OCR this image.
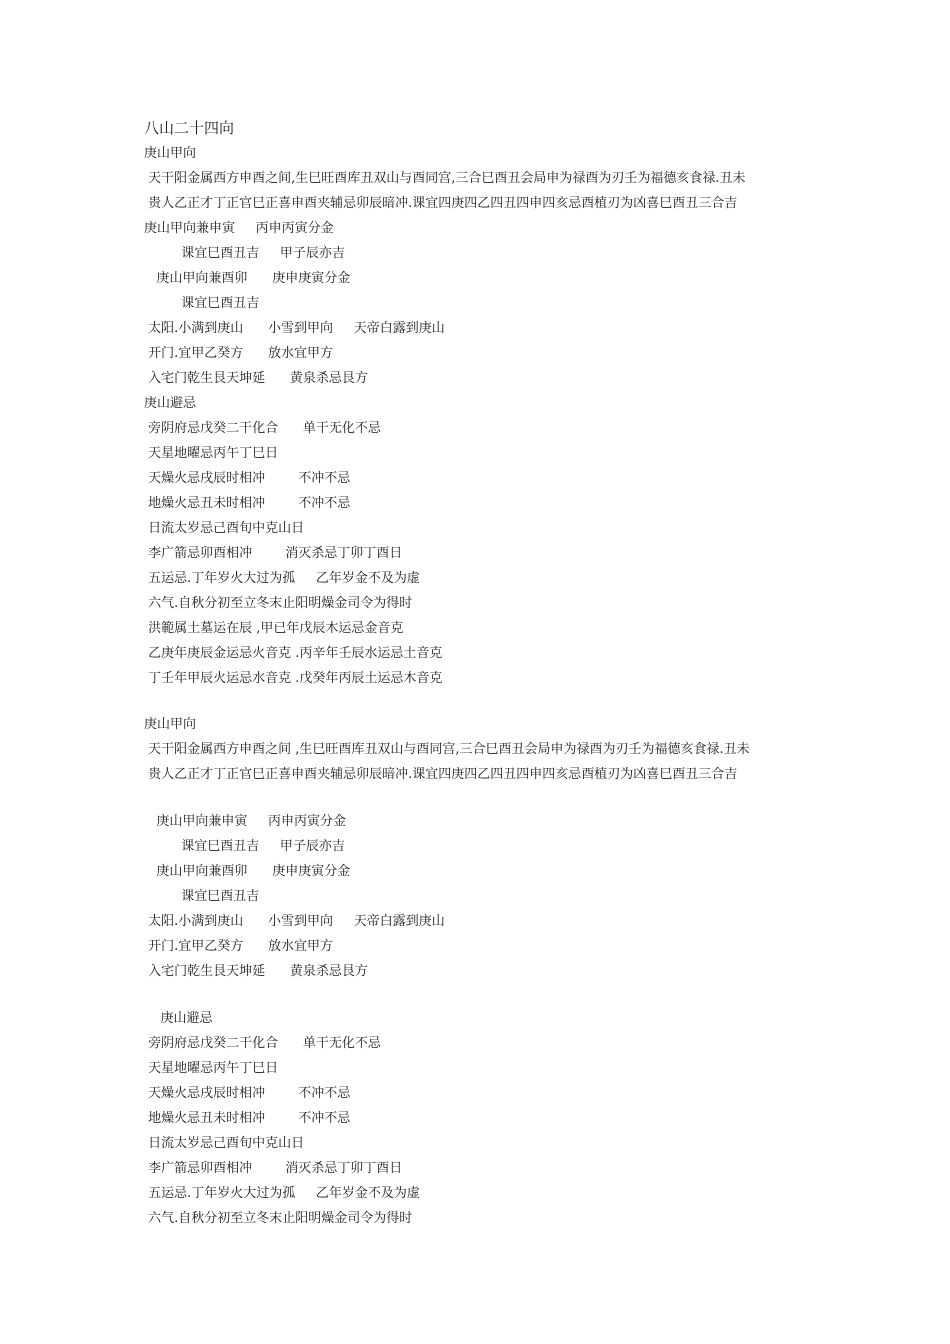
八山二十四向
庚山甲向
天干阳金属西方申酉之间,生巳旺酉库丑双山与酉同宫,三合巳酉丑会局申为禄酉为刃壬为福德亥食禄.丑未
贵人乙正才丁正官巳正喜申酉夹辅忌卯辰暗冲.课宜四庚四乙四丑四申四亥忌酉植刃为凶喜巳酉丑三合吉
庚山甲向兼申寅     丙申丙寅分金
课宜巳酉丑吉     甲子辰亦吉
庚山甲向兼酉卯      庚申庚寅分金
课宜巳酉丑吉
太阳.小满到庚山      小雪到甲向     天帝白露到庚山
开门.宜甲乙癸方      放水宜甲方
入宅门乾生艮天坤延      黄泉杀忌艮方
庚山避忌
旁阴府忌戊癸二干化合      单干无化不忌
天星地曜忌丙午丁巳日
天燥火忌戌辰时相冲        不冲不忌
地燥火忌丑未时相冲        不冲不忌
日流太岁忌己酉旬中克山日
李广箭忌卯酉相冲        消灭杀忌丁卯丁酉日
五运忌.丁年岁火大过为孤     乙年岁金不及为虚
六气.自秋分初至立冬末止阳明燥金司令为得时
洪範属土墓运在辰 ,甲已年戊辰木运忌金音克
乙庚年庚辰金运忌火音克 .丙辛年壬辰水运忌土音克
丁壬年甲辰火运忌水音克 .戊癸年丙辰土运忌木音克
庚山甲向
天干阳金属西方申酉之间 ,生巳旺酉库丑双山与酉同宫,三合巳酉丑会局申为禄酉为刃壬为福德亥食禄.丑未
贵人乙正才丁正官巳正喜申酉夹辅忌卯辰暗冲.课宜四庚四乙四丑四申四亥忌酉植刃为凶喜巳酉丑三合吉
庚山甲向兼申寅     丙申丙寅分金
课宜巳酉丑吉     甲子辰亦吉
庚山甲向兼酉卯      庚申庚寅分金
课宜巳酉丑吉
太阳.小满到庚山      小雪到甲向     天帝白露到庚山
开门.宜甲乙癸方      放水宜甲方
入宅门乾生艮天坤延      黄泉杀忌艮方
庚山避忌
旁阴府忌戊癸二干化合      单干无化不忌
天星地曜忌丙午丁巳日
天燥火忌戌辰时相冲        不冲不忌
地燥火忌丑未时相冲        不冲不忌
日流太岁忌己酉旬中克山日
李广箭忌卯酉相冲        消灭杀忌丁卯丁酉日
五运忌.丁年岁火大过为孤     乙年岁金不及为虚
六气.自秋分初至立冬末止阳明燥金司令为得时
